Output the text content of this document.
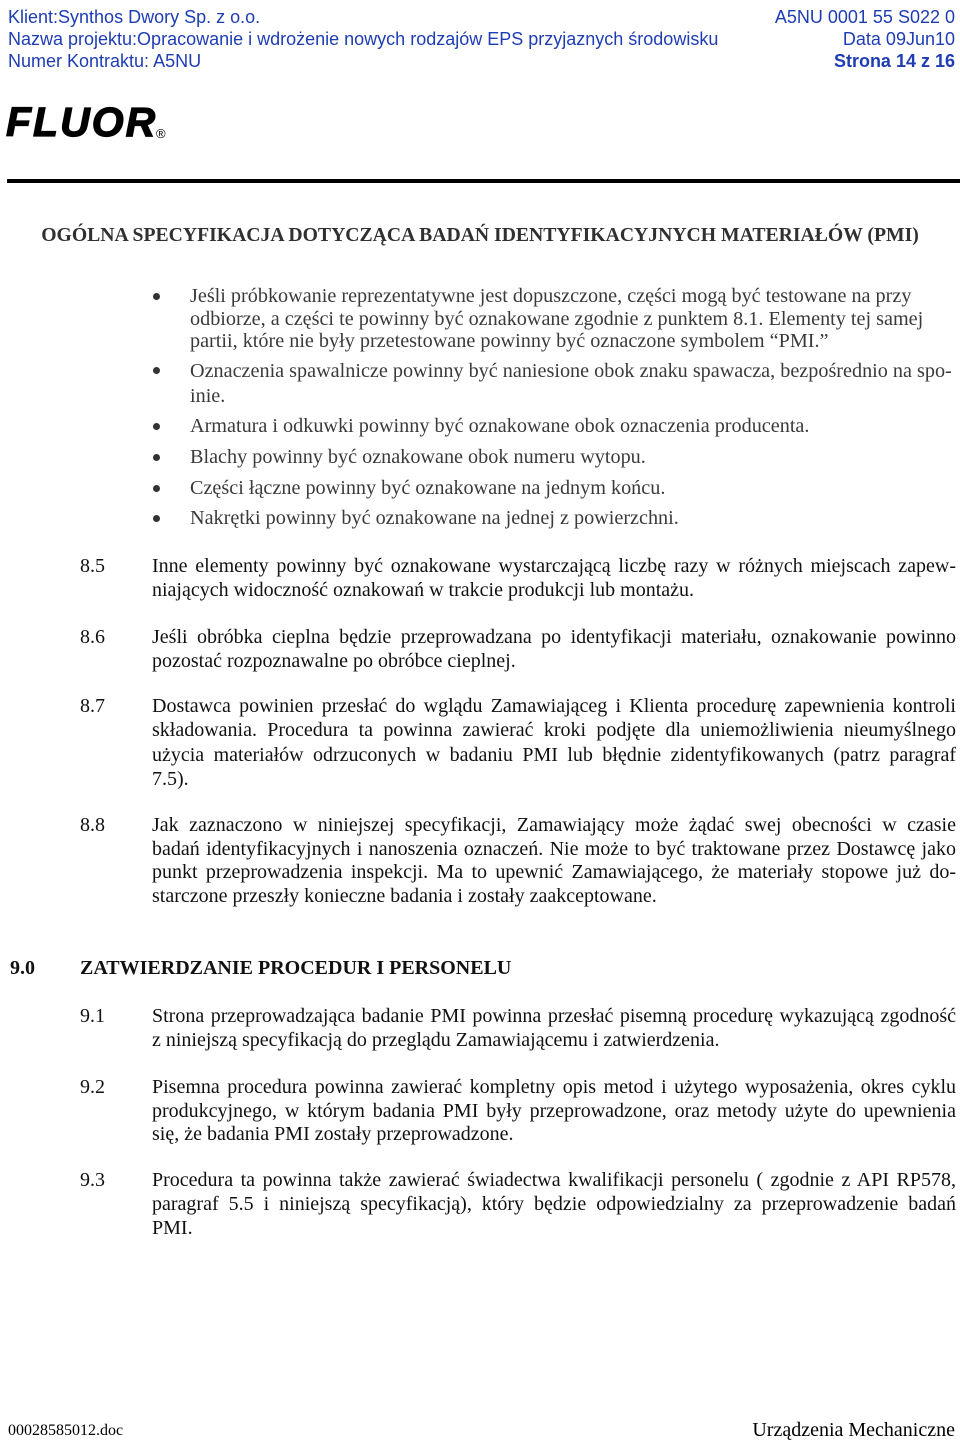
Klient:Synthos Dwory Sp. z o.o.
Nazwa projektu:Opracowanie i wdrożenie nowych rodzajów EPS przyjaznych środowisku
Numer Kontraktu: A5NU
A5NU 0001 55 S022 0
Data 09Jun10
Strona 14 z 16
FLUOR
®
OGÓLNA SPECYFIKACJA DOTYCZĄCA BADAŃ IDENTYFIKACYJNYCH MATERIAŁÓW (PMI)
Jeśli próbkowanie reprezentatywne jest dopuszczone, części mogą być testowane na przy
odbiorze, a części te powinny być oznakowane zgodnie z punktem 8.1. Elementy tej samej
partii, które nie były przetestowane powinny być oznaczone symbolem “PMI.”
Oznaczenia spawalnicze powinny być naniesione obok znaku spawacza, bezpośrednio na spo-
inie.
Armatura i odkuwki powinny być oznakowane obok oznaczenia producenta.
Blachy powinny być oznakowane obok numeru wytopu.
Części łączne powinny być oznakowane na jednym końcu.
Nakrętki powinny być oznakowane na jednej z powierzchni.
8.5 Inne elementy powinny być oznakowane wystarczającą liczbę razy w różnych miejscach zapew-
niających widoczność oznakowań w trakcie produkcji lub montażu.
8.6 Jeśli obróbka cieplna będzie przeprowadzana po identyfikacji materiału, oznakowanie powinno
pozostać rozpoznawalne po obróbce cieplnej.
8.7 Dostawca powinien przesłać do wglądu Zamawiająceg i Klienta procedurę zapewnienia kontroli
składowania. Procedura ta powinna zawierać kroki podjęte dla uniemożliwienia nieumyślnego
użycia materiałów odrzuconych w badaniu PMI lub błędnie zidentyfikowanych (patrz paragraf
7.5).
8.8 Jak zaznaczono w niniejszej specyfikacji, Zamawiający może żądać swej obecności w czasie
badań identyfikacyjnych i nanoszenia oznaczeń. Nie może to być traktowane przez Dostawcę jako
punkt przeprowadzenia inspekcji. Ma to upewnić Zamawiającego, że materiały stopowe już do-
starczone przeszły konieczne badania i zostały zaakceptowane.
9.0 ZATWIERDZANIE PROCEDUR I PERSONELU
9.1 Strona przeprowadzająca badanie PMI powinna przesłać pisemną procedurę wykazującą zgodność
z niniejszą specyfikacją do przeglądu Zamawiającemu i zatwierdzenia.
9.2 Pisemna procedura powinna zawierać kompletny opis metod i użytego wyposażenia, okres cyklu
produkcyjnego, w którym badania PMI były przeprowadzone, oraz metody użyte do upewnienia
się, że badania PMI zostały przeprowadzone.
9.3 Procedura ta powinna także zawierać świadectwa kwalifikacji personelu ( zgodnie z API RP578,
paragraf 5.5 i niniejszą specyfikacją), który będzie odpowiedzialny za przeprowadzenie badań
PMI.
00028585012.doc	Urządzenia Mechaniczne
